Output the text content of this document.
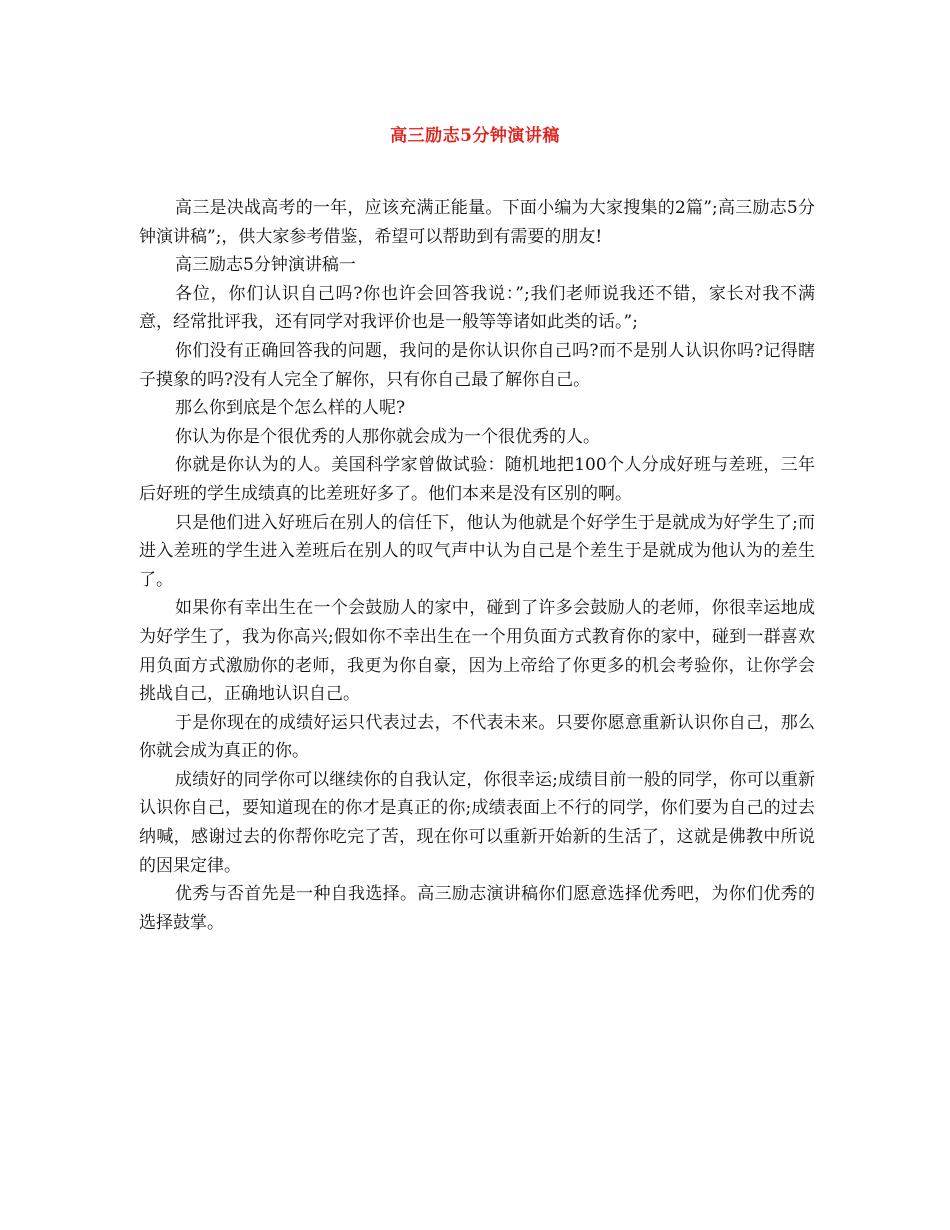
高三励志5分钟演讲稿

高三是决战高考的一年，应该充满正能量。下面小编为大家搜集的2篇”;高三励志5分钟演讲稿”;，供大家参考借鉴，希望可以帮助到有需要的朋友!

高三励志5分钟演讲稿一

各位，你们认识自己吗?你也许会回答我说：”;我们老师说我还不错，家长对我不满意，经常批评我，还有同学对我评价也是一般等等诸如此类的话。”;

你们没有正确回答我的问题，我问的是你认识你自己吗?而不是别人认识你吗?记得瞎子摸象的吗?没有人完全了解你，只有你自己最了解你自己。

那么你到底是个怎么样的人呢?

你认为你是个很优秀的人那你就会成为一个很优秀的人。

你就是你认为的人。美国科学家曾做试验：随机地把100个人分成好班与差班，三年后好班的学生成绩真的比差班好多了。他们本来是没有区别的啊。

只是他们进入好班后在别人的信任下，他认为他就是个好学生于是就成为好学生了;而进入差班的学生进入差班后在别人的叹气声中认为自己是个差生于是就成为他认为的差生了。

如果你有幸出生在一个会鼓励人的家中，碰到了许多会鼓励人的老师，你很幸运地成为好学生了，我为你高兴;假如你不幸出生在一个用负面方式教育你的家中，碰到一群喜欢用负面方式激励你的老师，我更为你自豪，因为上帝给了你更多的机会考验你，让你学会挑战自己，正确地认识自己。

于是你现在的成绩好运只代表过去，不代表未来。只要你愿意重新认识你自己，那么你就会成为真正的你。

成绩好的同学你可以继续你的自我认定，你很幸运;成绩目前一般的同学，你可以重新认识你自己，要知道现在的你才是真正的你;成绩表面上不行的同学，你们要为自己的过去纳喊，感谢过去的你帮你吃完了苦，现在你可以重新开始新的生活了，这就是佛教中所说的因果定律。

优秀与否首先是一种自我选择。高三励志演讲稿你们愿意选择优秀吧，为你们优秀的选择鼓掌。
